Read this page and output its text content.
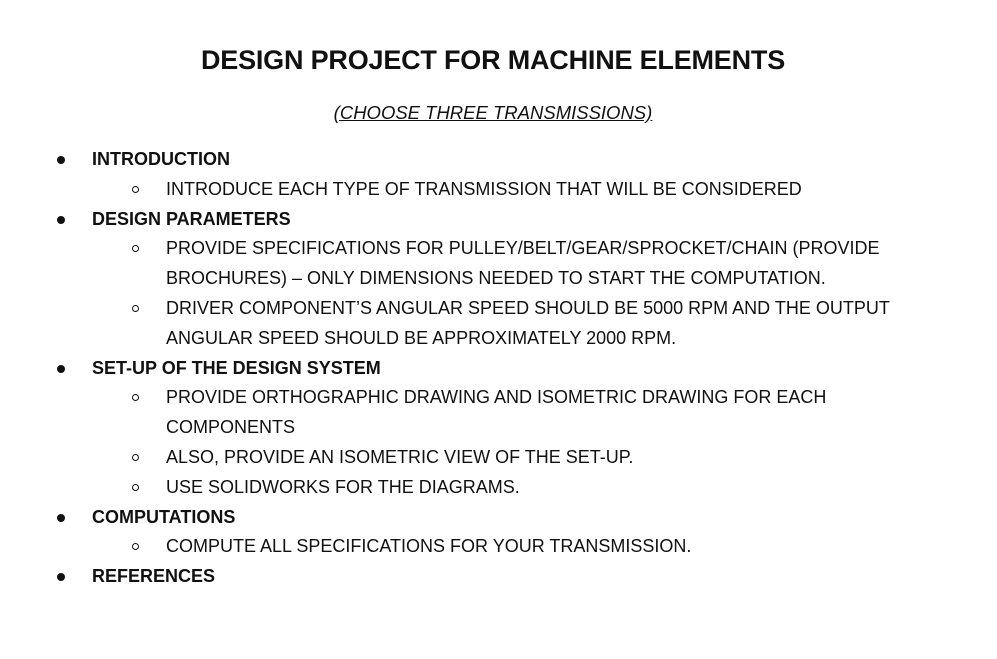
DESIGN PROJECT FOR MACHINE ELEMENTS

(CHOOSE THREE TRANSMISSIONS)

INTRODUCTION
INTRODUCE EACH TYPE OF TRANSMISSION THAT WILL BE CONSIDERED
DESIGN PARAMETERS
PROVIDE SPECIFICATIONS FOR PULLEY/BELT/GEAR/SPROCKET/CHAIN (PROVIDE BROCHURES) – ONLY DIMENSIONS NEEDED TO START THE COMPUTATION.
DRIVER COMPONENT’S ANGULAR SPEED SHOULD BE 5000 RPM AND THE OUTPUT ANGULAR SPEED SHOULD BE APPROXIMATELY 2000 RPM.
SET-UP OF THE DESIGN SYSTEM
PROVIDE ORTHOGRAPHIC DRAWING AND ISOMETRIC DRAWING FOR EACH COMPONENTS
ALSO, PROVIDE AN ISOMETRIC VIEW OF THE SET-UP.
USE SOLIDWORKS FOR THE DIAGRAMS.
COMPUTATIONS
COMPUTE ALL SPECIFICATIONS FOR YOUR TRANSMISSION.
REFERENCES
